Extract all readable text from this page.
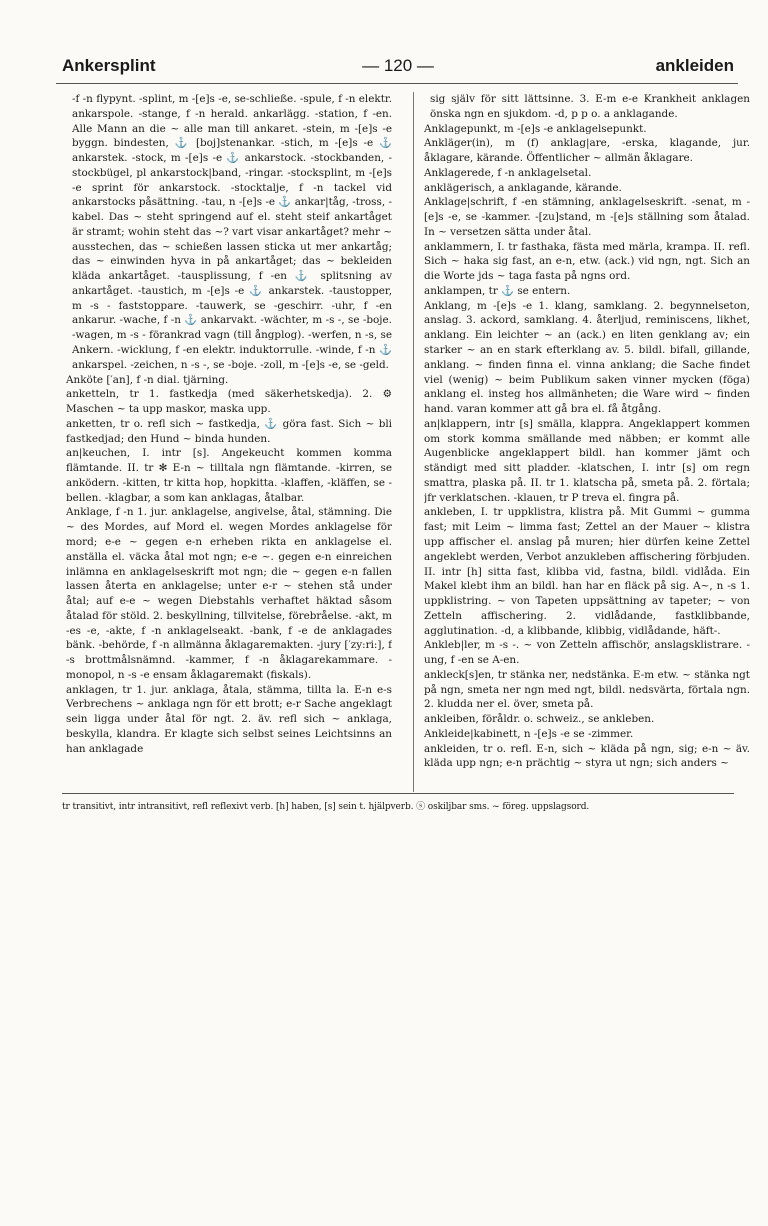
Ankersplint	— 120 —	ankleiden

-f -n flypynt. -splint, m -[e]s -e, se-schließe. -spule, f -n elektr. ankarspole. -stange, f -n herald. ankarlägg. -station, f -en. Alle Mann an die ~ alle man till ankaret. -stein, m -[e]s -e byggn. bindesten, ⚓ [boj]stenankar. -stich, m -[e]s -e ⚓ ankarstek. -stock, m -[e]s -e ⚓ ankarstock. -stockbanden, -stockbügel, pl ankarstock|band, -ringar. -stocksplint, m -[e]s -e sprint för ankarstock. -stocktalje, f -n tackel vid ankarstocks påsättning. -tau, n -[e]s -e ⚓ ankar|tåg, -tross, -kabel. Das ~ steht springend auf el. steht steif ankartåget är stramt; wohin steht das ~? vart visar ankartåget? mehr ~ ausstechen, das ~ schießen lassen sticka ut mer ankartåg; das ~ einwinden hyva in på ankartåget; das ~ bekleiden kläda ankartåget. -tausplissung, f -en ⚓ splitsning av ankartåget. -taustich, m -[e]s -e ⚓ ankarstek. -taustopper, m -s - faststoppare. -tauwerk, se -geschirr. -uhr, f -en ankarur. -wache, f -n ⚓ ankarvakt. -wächter, m -s -, se -boje. -wagen, m -s - förankrad vagn (till ångplog). -werfen, n -s, se Ankern. -wicklung, f -en elektr. induktorrulle. -winde, f -n ⚓ ankarspel. -zeichen, n -s -, se -boje. -zoll, m -[e]s -e, se -geld.

Anköte [′an], f -n dial. tjärning.

anketteln, tr 1. fastkedja (med säkerhetskedja). 2. ⚙ Maschen ~ ta upp maskor, maska upp.

anketten, tr o. refl sich ~ fastkedja, ⚓ göra fast. Sich ~ bli fastkedjad; den Hund ~ binda hunden.

an|keuchen, I. intr [s]. Angekeucht kommen komma flämtande. II. tr ✻ E-n ~ tilltala ngn flämtande. -kirren, se anködern. -kitten, tr kitta hop, hopkitta. -klaffen, -kläffen, se -bellen. -klagbar, a som kan anklagas, åtalbar.

Anklage, f -n 1. jur. anklagelse, angivelse, åtal, stämning. Die ~ des Mordes, auf Mord el. wegen Mordes anklagelse för mord; e-e ~ gegen e-n erheben rikta en anklagelse el. anställa el. väcka åtal mot ngn; e-e ~. gegen e-n einreichen inlämna en anklagelseskrift mot ngn; die ~ gegen e-n fallen lassen återta en anklagelse; unter e-r ~ stehen stå under åtal; auf e-e ~ wegen Diebstahls verhaftet häktad såsom åtalad för stöld. 2. beskyllning, tillvitelse, förebråelse. -akt, m -es -e, -akte, f -n anklagelseakt. -bank, f -e de anklagades bänk. -behörde, f -n allmänna åklagaremakten. -jury [′zy:ri:], f -s brottmålsnämnd. -kammer, f -n åklagarekammare. -monopol, n -s -e ensam åklagaremakt (fiskals).

anklagen, tr 1. jur. anklaga, åtala, stämma, tillta la. E-n e-s Verbrechens ~ anklaga ngn för ett brott; e-r Sache angeklagt sein ligga under åtal för ngt. 2. äv. refl sich ~ anklaga, beskylla, klandra. Er klagte sich selbst seines Leichtsinns an han anklagade

sig själv för sitt lättsinne. 3. E-m e-e Krankheit anklagen önska ngn en sjukdom. -d, p p o. a anklagande.

Anklagepunkt, m -[e]s -e anklagelsepunkt.

Ankläger(in), m (f) anklag|are, -erska, klagande, jur. åklagare, kärande. Öffentlicher ~ allmän åklagare.

Anklagerede, f -n anklagelsetal.

anklägerisch, a anklagande, kärande.

Anklage|schrift, f -en stämning, anklagelseskrift. -senat, m -[e]s -e, se -kammer. -[zu]stand, m -[e]s ställning som åtalad. In ~ versetzen sätta under åtal.

anklammern, I. tr fasthaka, fästa med märla, krampa. II. refl. Sich ~ haka sig fast, an e-n, etw. (ack.) vid ngn, ngt. Sich an die Worte jds ~ taga fasta på ngns ord.

anklampen, tr ⚓ se entern.

Anklang, m -[e]s -e 1. klang, samklang. 2. begynnelseton, anslag. 3. ackord, samklang. 4. återljud, reminiscens, likhet, anklang. Ein leichter ~ an (ack.) en liten genklang av; ein starker ~ an en stark efterklang av. 5. bildl. bifall, gillande, anklang. ~ finden finna el. vinna anklang; die Sache findet viel (wenig) ~ beim Publikum saken vinner mycken (föga) anklang el. insteg hos allmänheten; die Ware wird ~ finden hand. varan kommer att gå bra el. få åtgång.

an|klappern, intr [s] smälla, klappra. Angeklappert kommen om stork komma smällande med näbben; er kommt alle Augenblicke angeklappert bildl. han kommer jämt och ständigt med sitt pladder. -klatschen, I. intr [s] om regn smattra, plaska på. II. tr 1. klatscha på, smeta på. 2. förtala; jfr verklatschen. -klauen, tr P treva el. fingra på.

ankleben, I. tr uppklistra, klistra på. Mit Gummi ~ gumma fast; mit Leim ~ limma fast; Zettel an der Mauer ~ klistra upp affischer el. anslag på muren; hier dürfen keine Zettel angeklebt werden, Verbot anzukleben affischering förbjuden. II. intr [h] sitta fast, klibba vid, fastna, bildl. vidlåda. Ein Makel klebt ihm an bildl. han har en fläck på sig. A~, n -s 1. uppklistring. ~ von Tapeten uppsättning av tapeter; ~ von Zetteln affischering. 2. vidlådande, fastklibbande, agglutination. -d, a klibbande, klibbig, vidlådande, häft-.

Ankleb|ler, m -s -. ~ von Zetteln affischör, anslagsklistrare. -ung, f -en se A-en.

ankleck[s]en, tr stänka ner, nedstänka. E-m etw. ~ stänka ngt på ngn, smeta ner ngn med ngt, bildl. nedsvärta, förtala ngn. 2. kludda ner el. över, smeta på.

ankleiben, föråldr. o. schweiz., se ankleben.

Ankleide|kabinett, n -[e]s -e se -zimmer.

ankleiden, tr o. refl. E-n, sich ~ kläda på ngn, sig; e-n ~ äv. kläda upp ngn; e-n prächtig ~ styra ut ngn; sich anders ~

tr transitivt, intr intransitivt, refl reflexivt verb. [h] haben, [s] sein t. hjälpverb. ⓢ oskiljbar sms. ~ föreg. uppslagsord.
